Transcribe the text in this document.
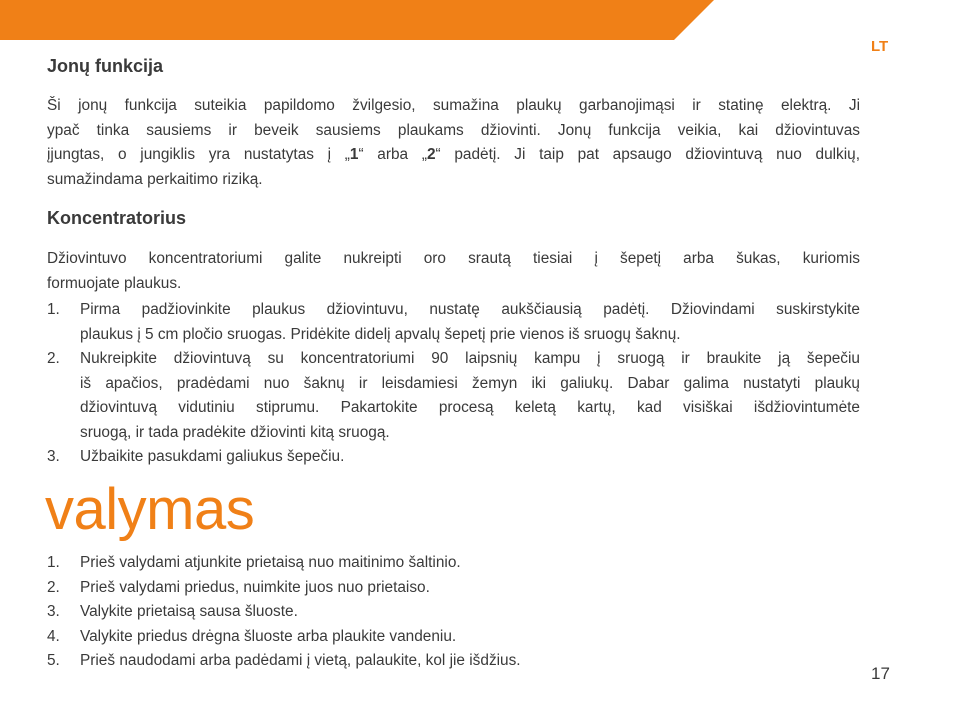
LT
Jonų funkcija
Ši jonų funkcija suteikia papildomo žvilgesio, sumažina plaukų garbanojimąsi ir statinę elektrą. Ji
ypač tinka sausiems ir beveik sausiems plaukams džiovinti. Jonų funkcija veikia, kai džiovintuvas
įjungtas, o jungiklis yra nustatytas į „1“ arba „2“ padėtį. Ji taip pat apsaugo džiovintuvą nuo dulkių,
sumažindama perkaitimo riziką.
Koncentratorius
Džiovintuvo koncentratoriumi galite nukreipti oro srautą tiesiai į šepetį arba šukas, kuriomis
formuojate plaukus.
1. Pirma padžiovinkite plaukus džiovintuvu, nustatę aukščiausią padėtį. Džiovindami suskirstykite
plaukus į 5 cm pločio sruogas. Pridėkite didelį apvalų šepetį prie vienos iš sruogų šaknų.
2. Nukreipkite džiovintuvą su koncentratoriumi 90 laipsnių kampu į sruogą ir braukite ją šepečiu
iš apačios, pradėdami nuo šaknų ir leisdamiesi žemyn iki galiukų. Dabar galima nustatyti plaukų
džiovintuvą vidutiniu stiprumu. Pakartokite procesą keletą kartų, kad visiškai išdžiovintumėte
sruogą, ir tada pradėkite džiovinti kitą sruogą.
3. Užbaikite pasukdami galiukus šepečiu.
valymas
1. Prieš valydami atjunkite prietaisą nuo maitinimo šaltinio.
2. Prieš valydami priedus, nuimkite juos nuo prietaiso.
3. Valykite prietaisą sausa šluoste.
4. Valykite priedus drėgna šluoste arba plaukite vandeniu.
5. Prieš naudodami arba padėdami į vietą, palaukite, kol jie išdžius.
17
